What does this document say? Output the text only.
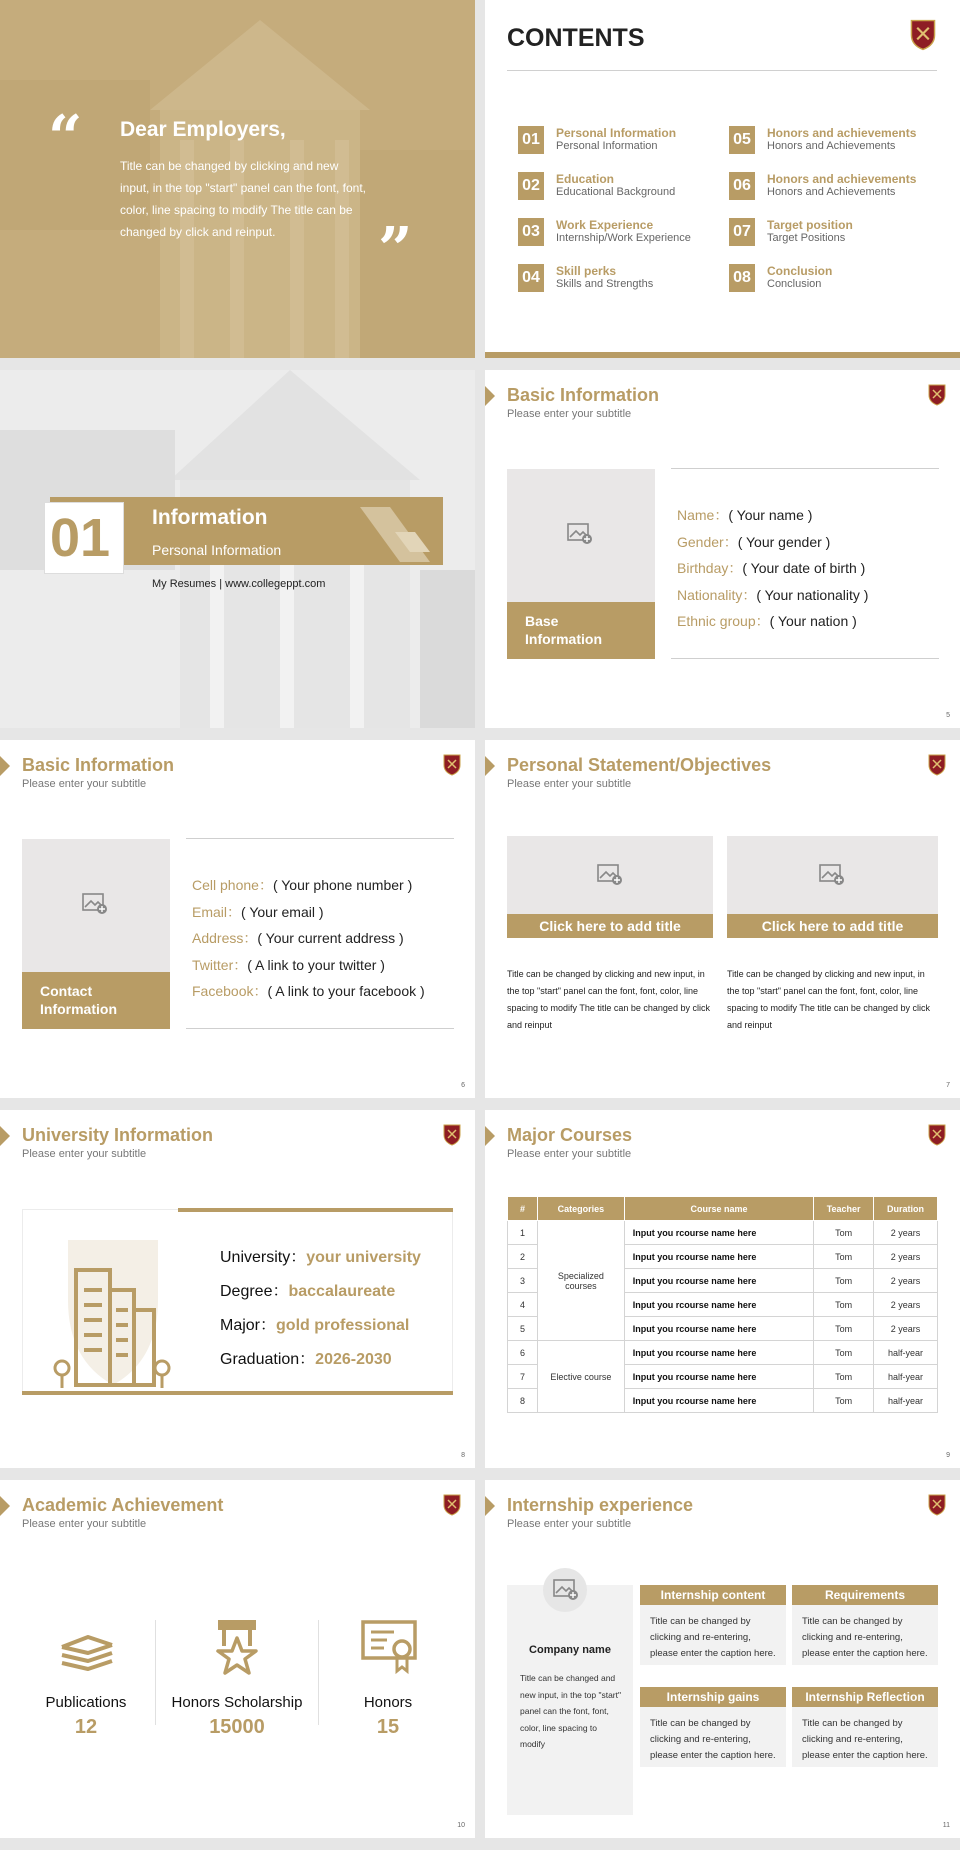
“ Dear Employers,
Title can be changed by clicking and new input, in the top "start" panel can the font, font, color, line spacing to modify The title can be changed by click and reinput.	”
CONTENTS
01	Personal Information
Personal Information
02	Education
Educational Background
03	Work Experience
Internship/Work Experience
04	Skill perks
Skills and Strengths
05	Honors and achievements
Honors and Achievements
06	Honors and achievements
Honors and Achievements
07	Target position
Target Positions
08	Conclusion
Conclusion
01 Information
Personal Information
My Resumes | www.collegeppt.com
Basic Information
Please enter your subtitle
Base Information
Name：( Your name )
Gender：( Your gender )
Birthday：( Your date of birth )
Nationality：( Your nationality )
Ethnic group：( Your nation )
5
Basic Information
Please enter your subtitle
Contact Information
Cell phone：( Your phone number )
Email：( Your email )
Address：( Your current address )
Twitter：( A link to your twitter )
Facebook：( A link to your facebook )
6
Personal Statement/Objectives
Please enter your subtitle
Click here to add title	Click here to add title
Title can be changed by clicking and new input, in the top "start" panel can the font, font, color, line spacing to modify The title can be changed by click and reinput
Title can be changed by clicking and new input, in the top "start" panel can the font, font, color, line spacing to modify The title can be changed by click and reinput
7
University Information
Please enter your subtitle
University：your university
Degree：baccalaureate
Major：gold professional
Graduation：2026-2030
8
Major Courses
Please enter your subtitle
#	Categories	Course name	Teacher	Duration
1	Specialized courses	Input you rcourse name here	Tom	2 years
2		Input you rcourse name here	Tom	2 years
3		Input you rcourse name here	Tom	2 years
4		Input you rcourse name here	Tom	2 years
5		Input you rcourse name here	Tom	2 years
6	Elective course	Input you rcourse name here	Tom	half-year
7		Input you rcourse name here	Tom	half-year
8		Input you rcourse name here	Tom	half-year
9
Academic Achievement
Please enter your subtitle
Publications
12
Honors Scholarship
15000
Honors
15
10
Internship experience
Please enter your subtitle
Company name
Title can be changed and new input, in the top "start" panel can the font, font, color, line spacing to modify
Internship content
Title can be changed by clicking and re-entering, please enter the caption here.
Requirements
Title can be changed by clicking and re-entering, please enter the caption here.
Internship gains
Title can be changed by clicking and re-entering, please enter the caption here.
Internship Reflection
Title can be changed by clicking and re-entering, please enter the caption here.
11
